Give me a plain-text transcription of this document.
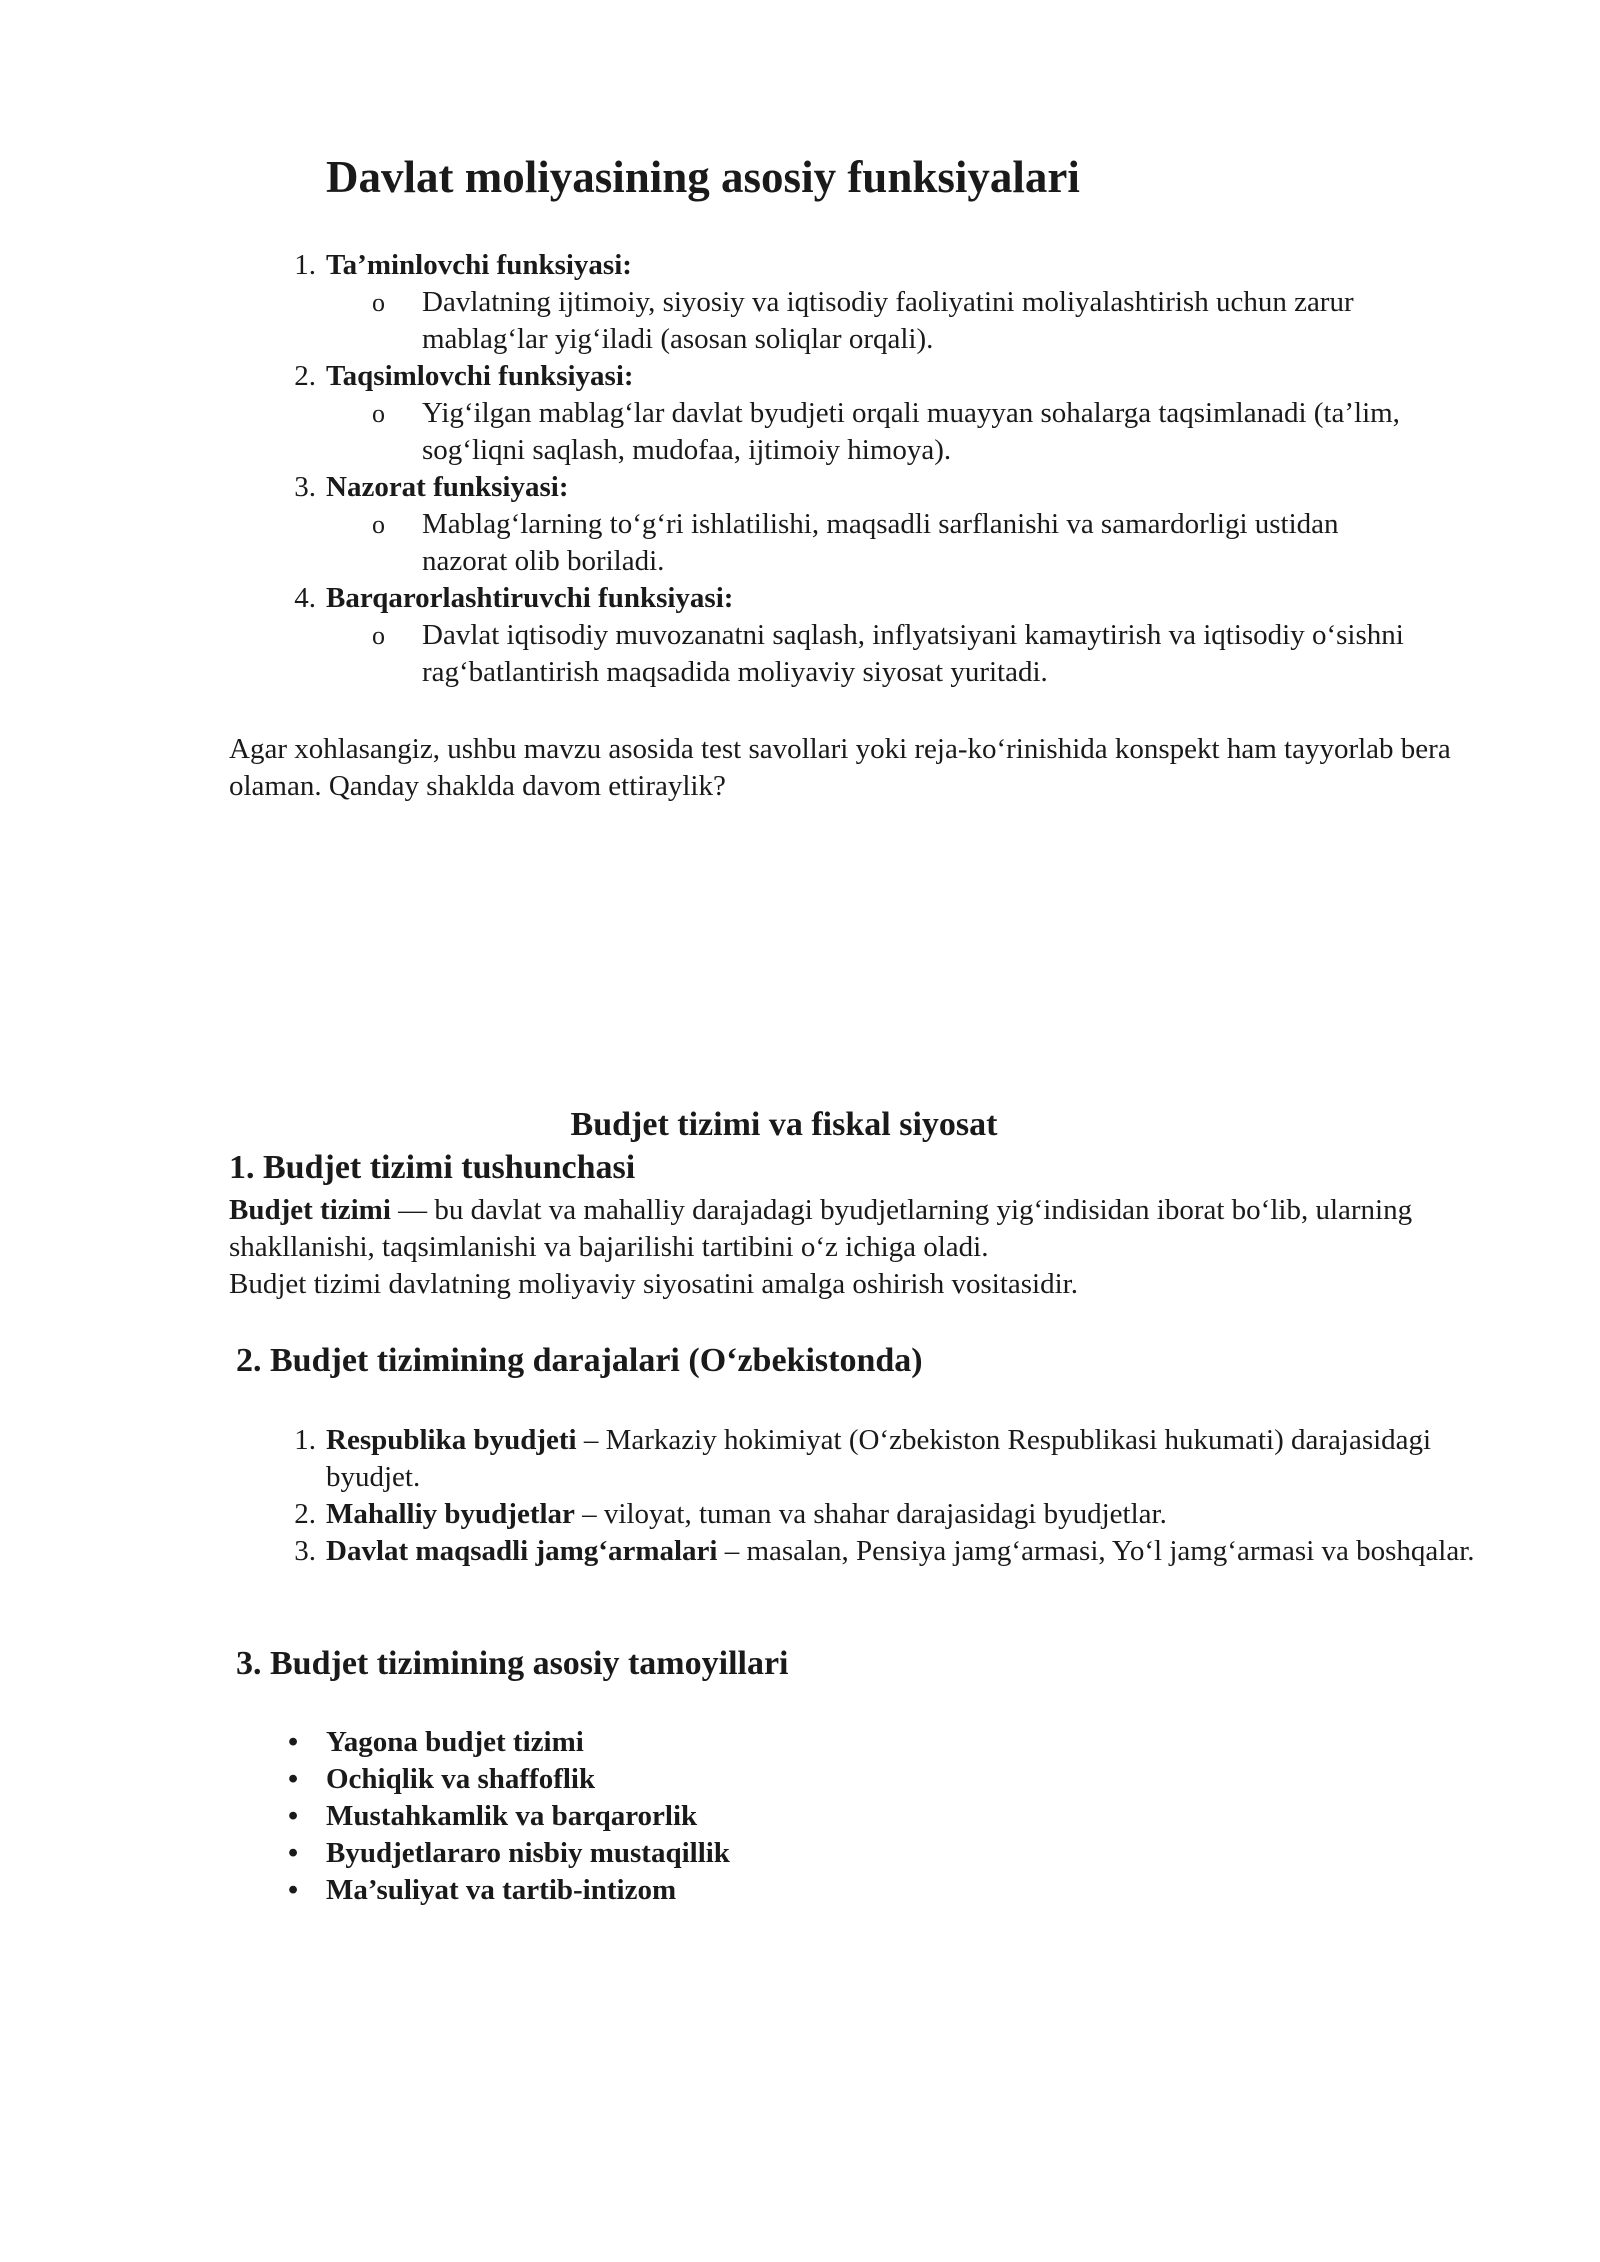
Davlat moliyasining asosiy funksiyalari
1. Ta’minlovchi funksiyasi:
o Davlatning ijtimoiy, siyosiy va iqtisodiy faoliyatini moliyalashtirish uchun zarur mablag‘lar yig‘iladi (asosan soliqlar orqali).
2. Taqsimlovchi funksiyasi:
o Yig‘ilgan mablag‘lar davlat byudjeti orqali muayyan sohalarga taqsimlanadi (ta’lim, sog‘liqni saqlash, mudofaa, ijtimoiy himoya).
3. Nazorat funksiyasi:
o Mablag‘larning to‘g‘ri ishlatilishi, maqsadli sarflanishi va samardorligi ustidan nazorat olib boriladi.
4. Barqarorlashtiruvchi funksiyasi:
o Davlat iqtisodiy muvozanatni saqlash, inflyatsiyani kamaytirish va iqtisodiy o‘sishni rag‘batlantirish maqsadida moliyaviy siyosat yuritadi.

Agar xohlasangiz, ushbu mavzu asosida test savollari yoki reja-ko‘rinishida konspekt ham tayyorlab bera olaman. Qanday shaklda davom ettiraylik?

Budjet tizimi va fiskal siyosat
1. Budjet tizimi tushunchasi
Budjet tizimi — bu davlat va mahalliy darajadagi byudjetlarning yig‘indisidan iborat bo‘lib, ularning shakllanishi, taqsimlanishi va bajarilishi tartibini o‘z ichiga oladi.
Budjet tizimi davlatning moliyaviy siyosatini amalga oshirish vositasidir.
2. Budjet tizimining darajalari (O‘zbekistonda)
1. Respublika byudjeti – Markaziy hokimiyat (O‘zbekiston Respublikasi hukumati) darajasidagi byudjet.
2. Mahalliy byudjetlar – viloyat, tuman va shahar darajasidagi byudjetlar.
3. Davlat maqsadli jamg‘armalari – masalan, Pensiya jamg‘armasi, Yo‘l jamg‘armasi va boshqalar.
3. Budjet tizimining asosiy tamoyillari
• Yagona budjet tizimi
• Ochiqlik va shaffoflik
• Mustahkamlik va barqarorlik
• Byudjetlararo nisbiy mustaqillik
• Ma’suliyat va tartib-intizom
